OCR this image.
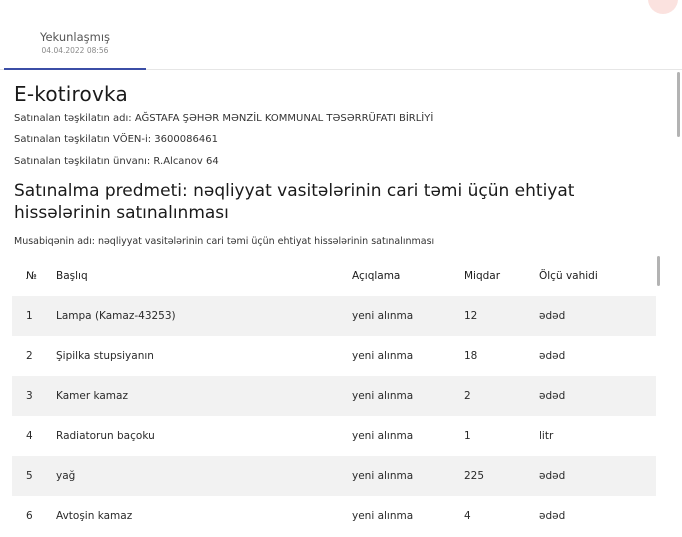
Yekunlaşmış
04.04.2022 08:56
E-kotirovka
Satınalan təşkilatın adı: AĞSTAFA ŞƏHƏR MƏNZİL KOMMUNAL TƏSƏRRÜFATI BİRLİYİ
Satınalan təşkilatın VÖEN-i: 3600086461
Satınalan təşkilatın ünvanı: R.Alcanov 64
Satınalma predmeti: nəqliyyat vasitələrinin cari təmi üçün ehtiyat hissələrinin satınalınması
Musabiqənin adı: nəqliyyat vasitələrinin cari təmi üçün ehtiyat hissələrinin satınalınması
№	Başlıq	Açıqlama	Miqdar	Ölçü vahidi
1	Lampa (Kamaz-43253)	yeni alınma	12	ədəd
2	Şipilka stupsiyanın	yeni alınma	18	ədəd
3	Kamer kamaz	yeni alınma	2	ədəd
4	Radiatorun baçoku	yeni alınma	1	litr
5	yağ	yeni alınma	225	ədəd
6	Avtoşin kamaz	yeni alınma	4	ədəd
